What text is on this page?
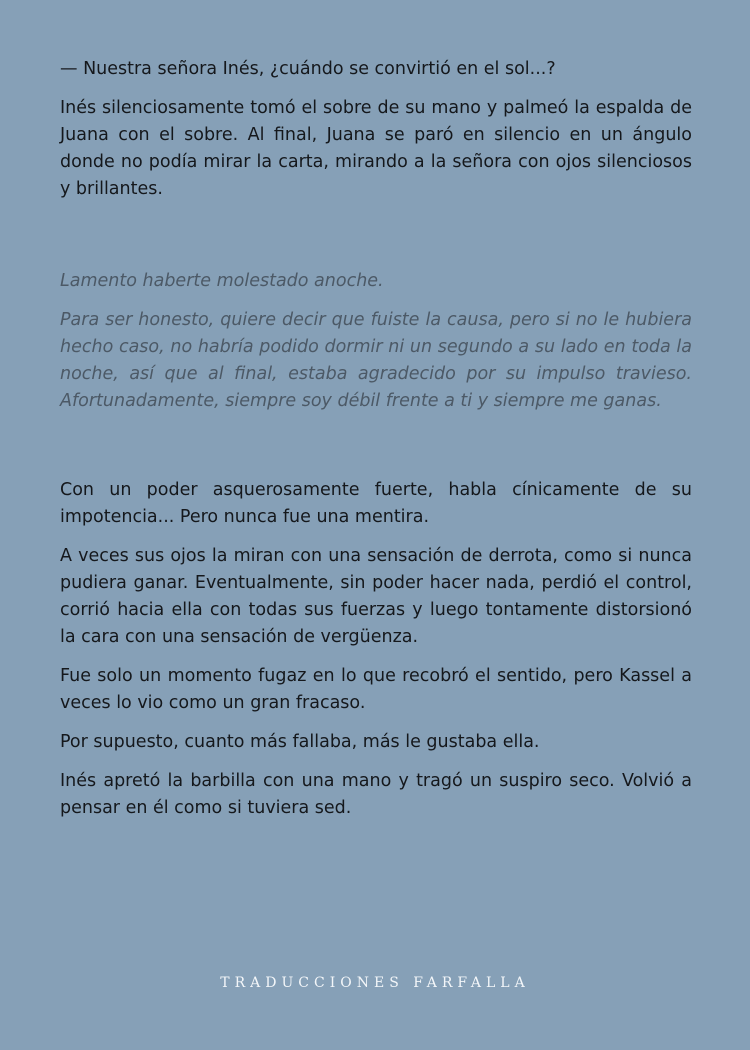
— Nuestra señora Inés, ¿cuándo se convirtió en el sol...?

Inés silenciosamente tomó el sobre de su mano y palmeó la espalda de Juana con el sobre. Al final, Juana se paró en silencio en un ángulo donde no podía mirar la carta, mirando a la señora con ojos silenciosos y brillantes.

Lamento haberte molestado anoche.

Para ser honesto, quiere decir que fuiste la causa, pero si no le hubiera hecho caso, no habría podido dormir ni un segundo a su lado en toda la noche, así que al final, estaba agradecido por su impulso travieso. Afortunadamente, siempre soy débil frente a ti y siempre me ganas.

Con un poder asquerosamente fuerte, habla cínicamente de su impotencia... Pero nunca fue una mentira.

A veces sus ojos la miran con una sensación de derrota, como si nunca pudiera ganar. Eventualmente, sin poder hacer nada, perdió el control, corrió hacia ella con todas sus fuerzas y luego tontamente distorsionó la cara con una sensación de vergüenza.

Fue solo un momento fugaz en lo que recobró el sentido, pero Kassel a veces lo vio como un gran fracaso.

Por supuesto, cuanto más fallaba, más le gustaba ella.

Inés apretó la barbilla con una mano y tragó un suspiro seco. Volvió a pensar en él como si tuviera sed.

TRADUCCIONES FARFALLA
